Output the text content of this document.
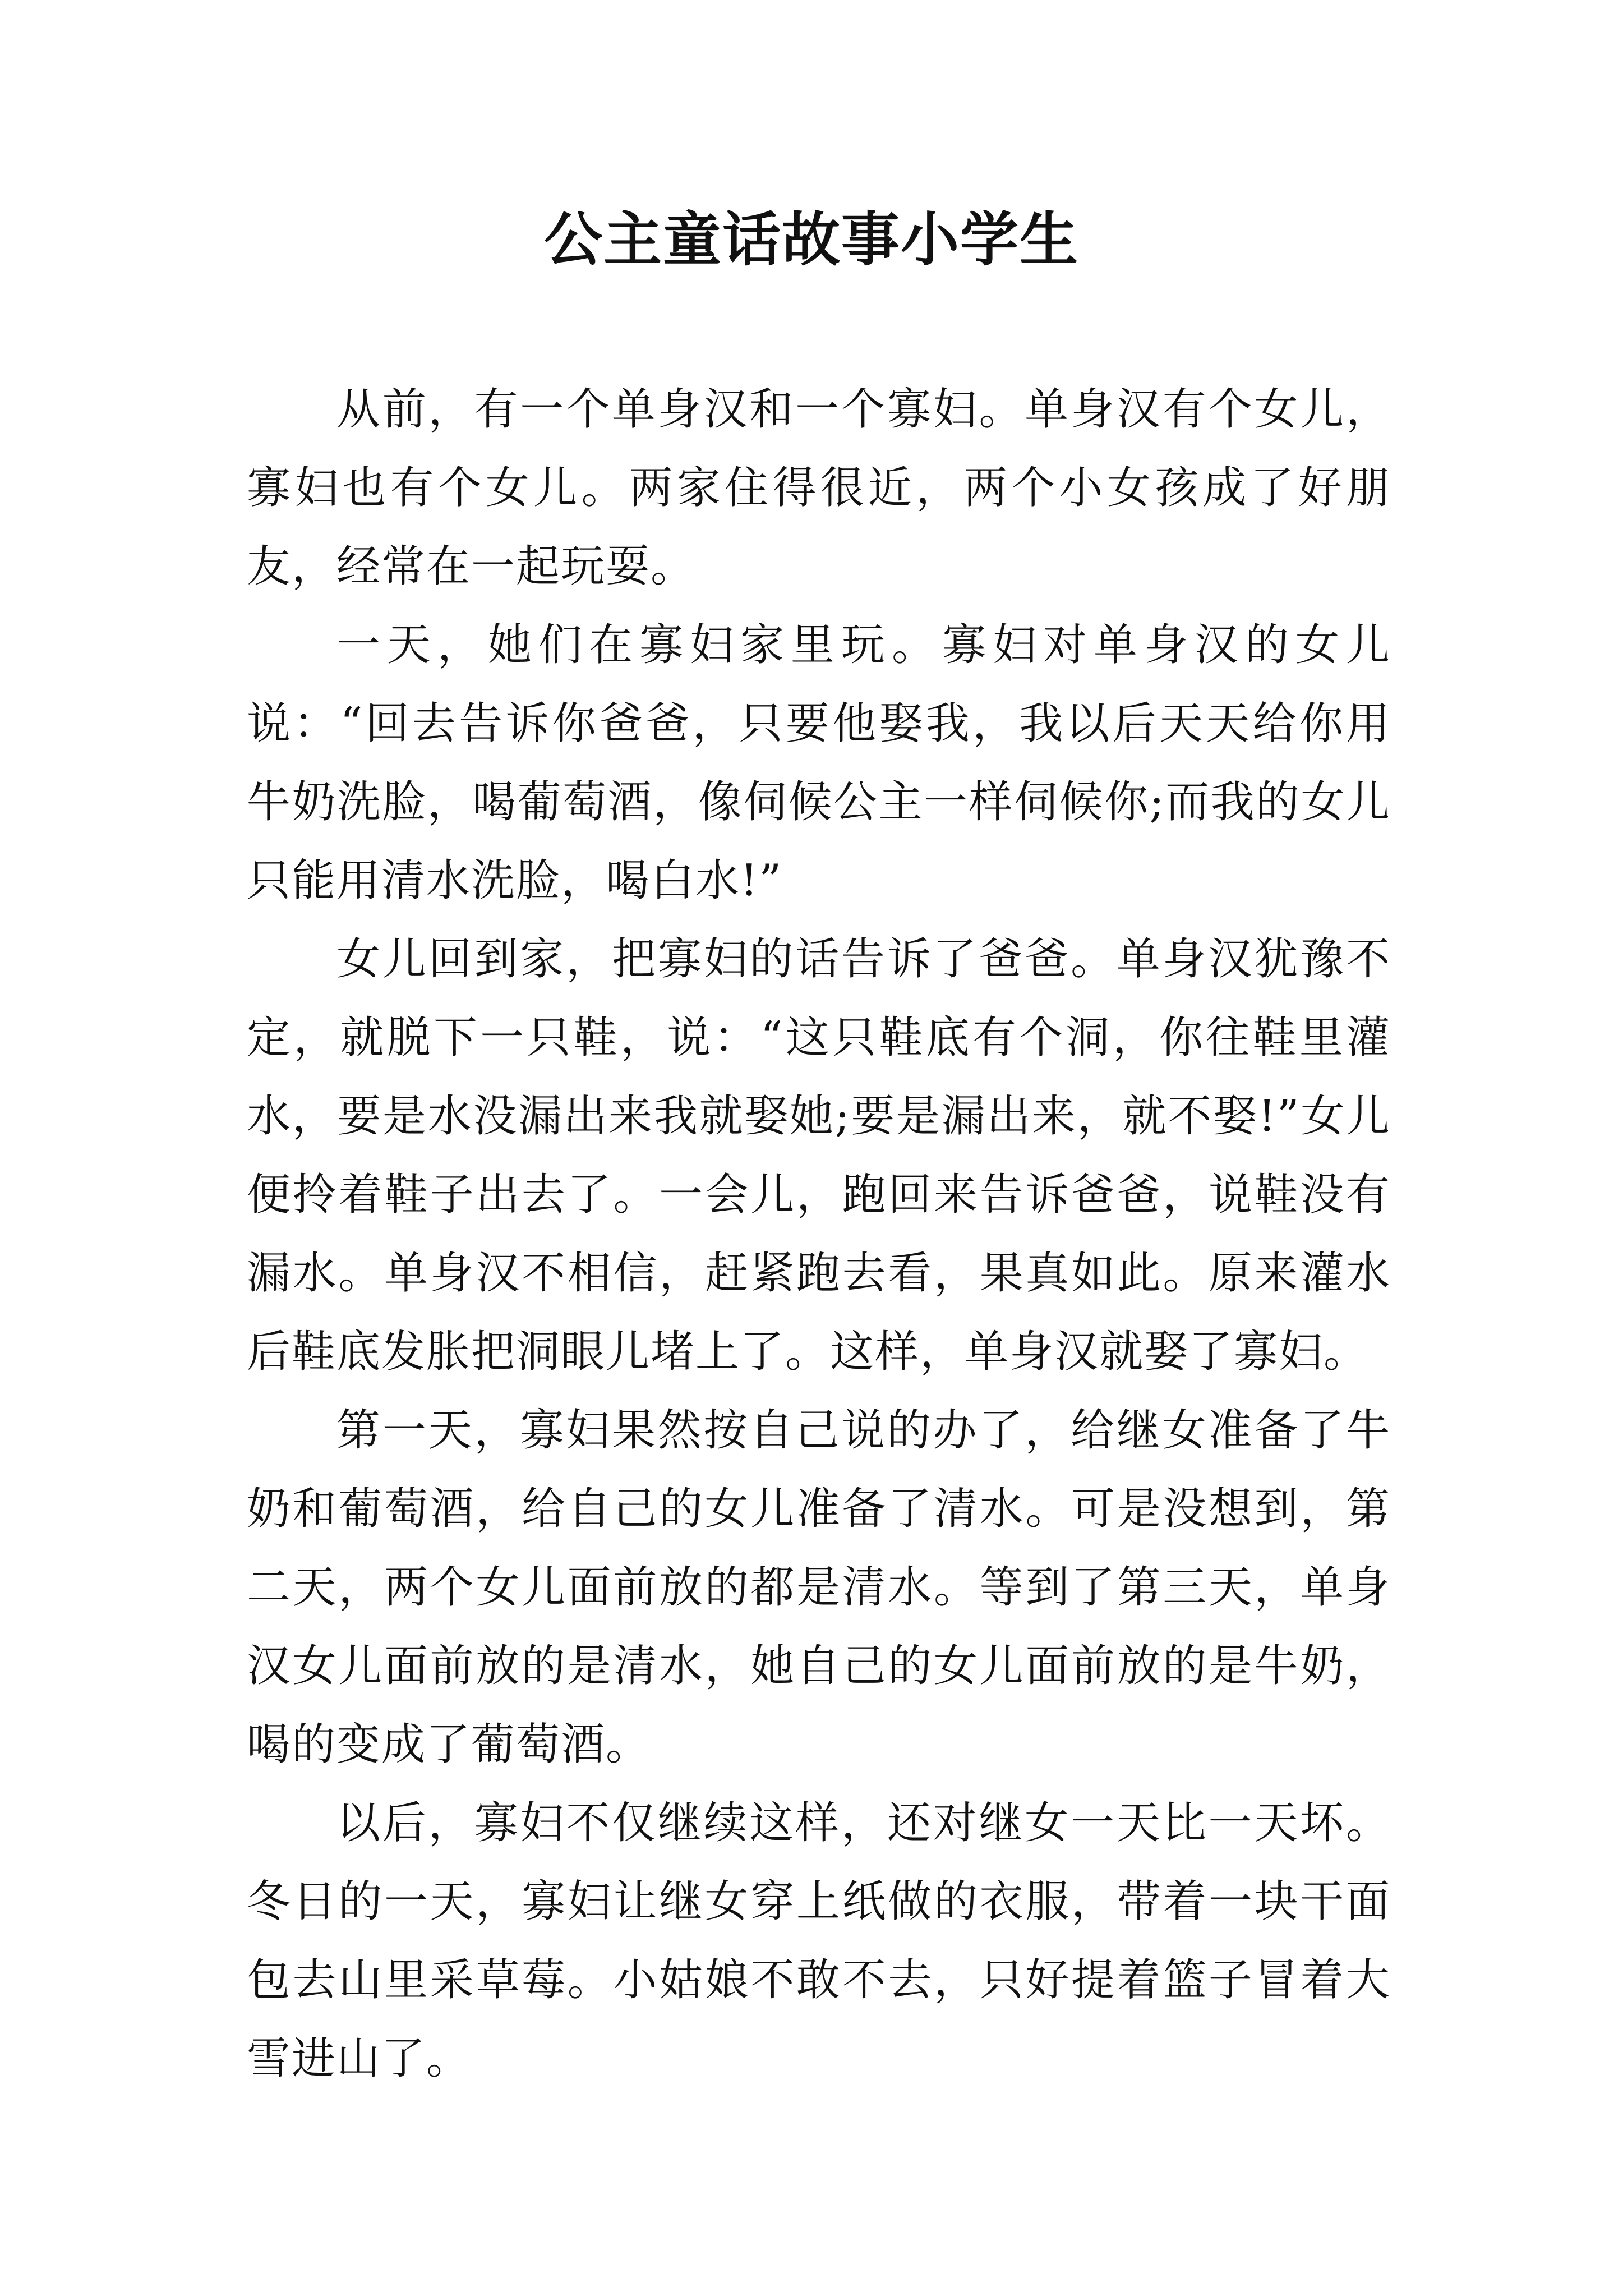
公主童话故事小学生

从前，有一个单身汉和一个寡妇。单身汉有个女儿，寡妇也有个女儿。两家住得很近，两个小女孩成了好朋友，经常在一起玩耍。

一天，她们在寡妇家里玩。寡妇对单身汉的女儿说：“回去告诉你爸爸，只要他娶我，我以后天天给你用牛奶洗脸，喝葡萄酒，像伺候公主一样伺候你;而我的女儿只能用清水洗脸，喝白水!”

女儿回到家，把寡妇的话告诉了爸爸。单身汉犹豫不定，就脱下一只鞋，说：“这只鞋底有个洞，你往鞋里灌水，要是水没漏出来我就娶她;要是漏出来，就不娶!”女儿便拎着鞋子出去了。一会儿，跑回来告诉爸爸，说鞋没有漏水。单身汉不相信，赶紧跑去看，果真如此。原来灌水后鞋底发胀把洞眼儿堵上了。这样，单身汉就娶了寡妇。

第一天，寡妇果然按自己说的办了，给继女准备了牛奶和葡萄酒，给自己的女儿准备了清水。可是没想到，第二天，两个女儿面前放的都是清水。等到了第三天，单身汉女儿面前放的是清水，她自己的女儿面前放的是牛奶，喝的变成了葡萄酒。

以后，寡妇不仅继续这样，还对继女一天比一天坏。冬日的一天，寡妇让继女穿上纸做的衣服，带着一块干面包去山里采草莓。小姑娘不敢不去，只好提着篮子冒着大雪进山了。
